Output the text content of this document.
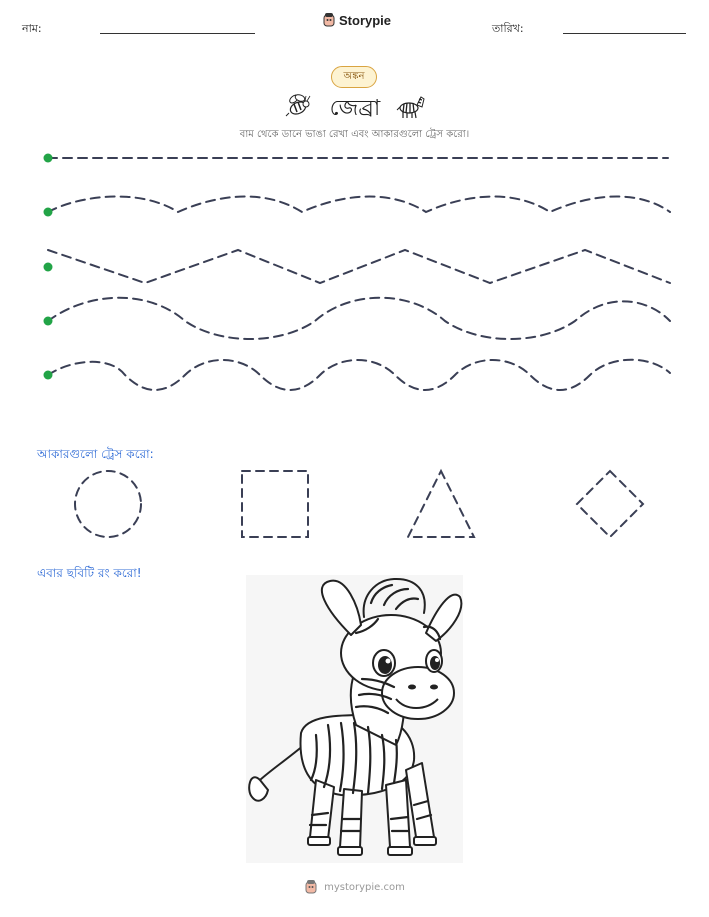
নাম:
Storypie
তারিখ:
অঙ্কন
জেব্রা
বাম থেকে ডানে ভাঙা রেখা এবং আকারগুলো ট্রেস করো।
আকারগুলো ট্রেস করো:
এবার ছবিটি রং করো!
mystorypie.com
